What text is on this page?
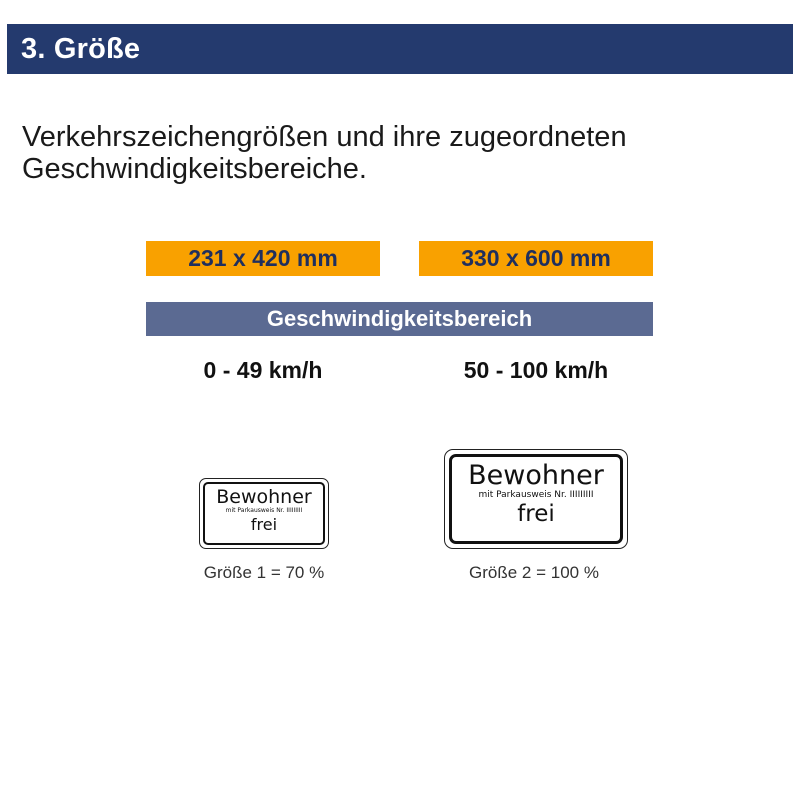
3. Größe
Verkehrszeichengrößen und ihre zugeordneten
Geschwindigkeitsbereiche.
231 x 420 mm	330 x 600 mm
Geschwindigkeitsbereich
0 - 49 km/h	50 - 100 km/h
Bewohner
mit Parkausweis Nr. IIIIIIIII
frei
Bewohner
mit Parkausweis Nr. IIIIIIIII
frei
Größe 1 = 70 %	Größe 2 = 100 %
